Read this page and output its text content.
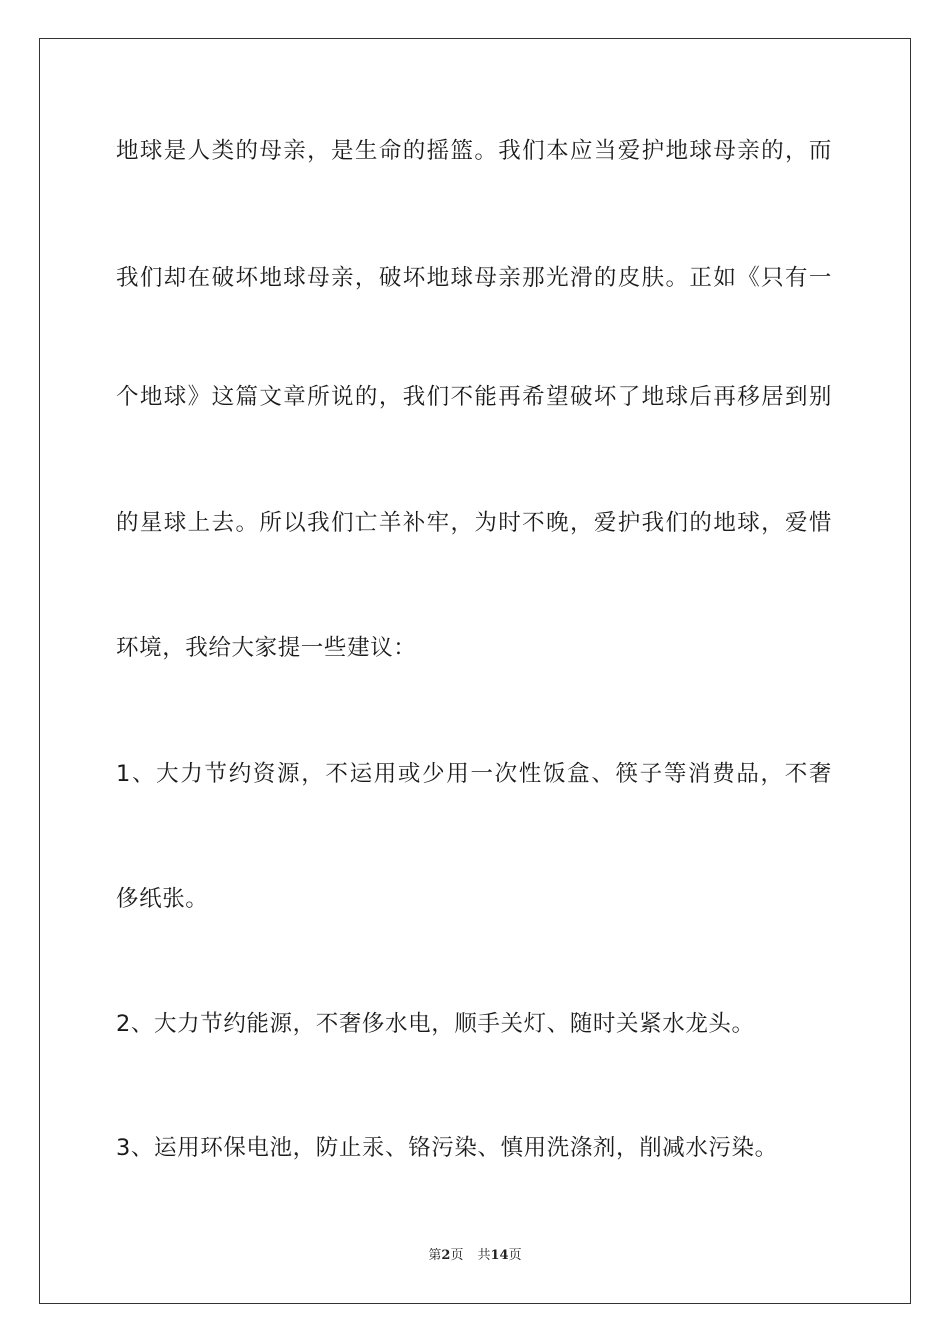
地球是人类的母亲，是生命的摇篮。我们本应当爱护地球母亲的，而
我们却在破坏地球母亲，破坏地球母亲那光滑的皮肤。正如《只有一
个地球》这篇文章所说的，我们不能再希望破坏了地球后再移居到别
的星球上去。所以我们亡羊补牢，为时不晚，爱护我们的地球，爱惜
环境，我给大家提一些建议：
1、大力节约资源，不运用或少用一次性饭盒、筷子等消费品，不奢
侈纸张。
2、大力节约能源，不奢侈水电，顺手关灯、随时关紧水龙头。
3、运用环保电池，防止汞、铬污染、慎用洗涤剂，削减水污染。
第2页 共14页
